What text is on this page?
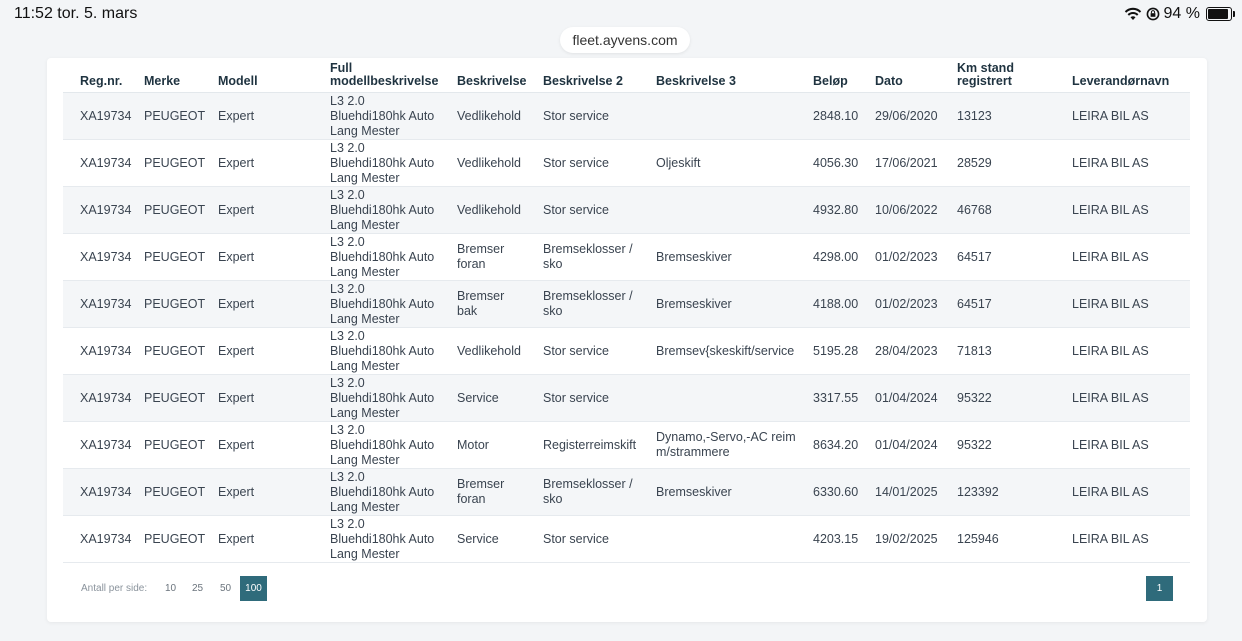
11:52 tor. 5. mars	94 %
fleet.ayvens.com
Reg.nr.	Merke	Modell	Full modellbeskrivelse	Beskrivelse	Beskrivelse 2	Beskrivelse 3	Beløp	Dato	Km stand registrert	Leverandørnavn
XA19734	PEUGEOT	Expert	L3 2.0 Bluehdi180hk Auto Lang Mester	Vedlikehold	Stor service		2848.10	29/06/2020	13123	LEIRA BIL AS
XA19734	PEUGEOT	Expert	L3 2.0 Bluehdi180hk Auto Lang Mester	Vedlikehold	Stor service	Oljeskift	4056.30	17/06/2021	28529	LEIRA BIL AS
XA19734	PEUGEOT	Expert	L3 2.0 Bluehdi180hk Auto Lang Mester	Vedlikehold	Stor service		4932.80	10/06/2022	46768	LEIRA BIL AS
XA19734	PEUGEOT	Expert	L3 2.0 Bluehdi180hk Auto Lang Mester	Bremser foran	Bremseklosser / sko	Bremseskiver	4298.00	01/02/2023	64517	LEIRA BIL AS
XA19734	PEUGEOT	Expert	L3 2.0 Bluehdi180hk Auto Lang Mester	Bremser bak	Bremseklosser / sko	Bremseskiver	4188.00	01/02/2023	64517	LEIRA BIL AS
XA19734	PEUGEOT	Expert	L3 2.0 Bluehdi180hk Auto Lang Mester	Vedlikehold	Stor service	Bremsev{skeskift/service	5195.28	28/04/2023	71813	LEIRA BIL AS
XA19734	PEUGEOT	Expert	L3 2.0 Bluehdi180hk Auto Lang Mester	Service	Stor service		3317.55	01/04/2024	95322	LEIRA BIL AS
XA19734	PEUGEOT	Expert	L3 2.0 Bluehdi180hk Auto Lang Mester	Motor	Registerreimskift	Dynamo,-Servo,-AC reim m/strammere	8634.20	01/04/2024	95322	LEIRA BIL AS
XA19734	PEUGEOT	Expert	L3 2.0 Bluehdi180hk Auto Lang Mester	Bremser foran	Bremseklosser / sko	Bremseskiver	6330.60	14/01/2025	123392	LEIRA BIL AS
XA19734	PEUGEOT	Expert	L3 2.0 Bluehdi180hk Auto Lang Mester	Service	Stor service		4203.15	19/02/2025	125946	LEIRA BIL AS
Antall per side: 10 25 50	100	1
